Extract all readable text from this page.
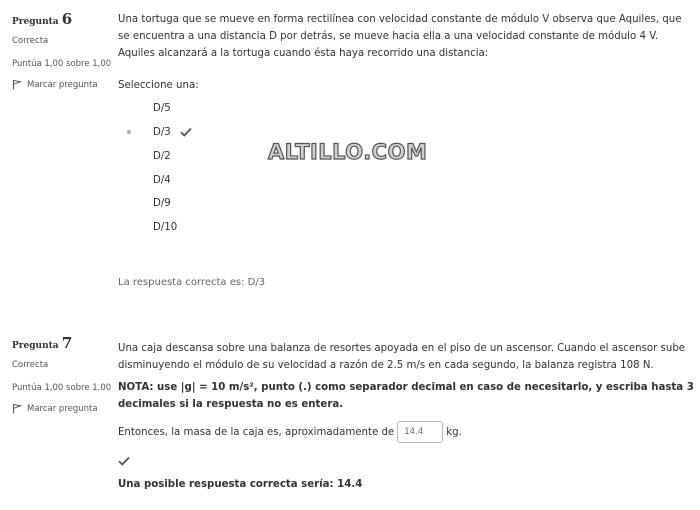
Pregunta 6
Correcta
Puntúa 1,00 sobre 1,00
Marcar pregunta
Una tortuga que se mueve en forma rectilínea con velocidad constante de módulo V observa que Aquiles, que se encuentra a una distancia D por detrás, se mueve hacia ella a una velocidad constante de módulo 4 V. Aquiles alcanzará a la tortuga cuando ésta haya recorrido una distancia:
Seleccione una:
D/5
D/3
D/2
D/4
D/9
D/10
ALTILLO.COM
La respuesta correcta es: D/3
Pregunta 7
Correcta
Puntúa 1,00 sobre 1,00
Marcar pregunta
Una caja descansa sobre una balanza de resortes apoyada en el piso de un ascensor. Cuando el ascensor sube disminuyendo el módulo de su velocidad a razón de 2.5 m/s en cada segundo, la balanza registra 108 N.
NOTA: use |g| = 10 m/s², punto (.) como separador decimal en caso de necesitarlo, y escriba hasta 3 decimales si la respuesta no es entera.
Entonces, la masa de la caja es, aproximadamente de
14.4	kg.
Una posible respuesta correcta sería: 14.4
